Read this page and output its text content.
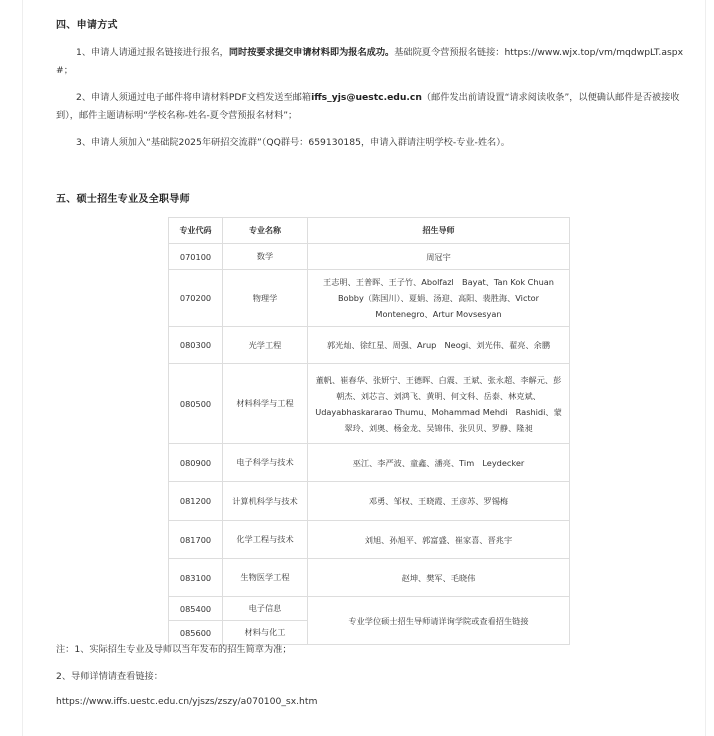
四、申请方式
1、申请人请通过报名链接进行报名，同时按要求提交申请材料即为报名成功。基础院夏令营预报名链接：https://www.wjx.top/vm/mqdwpLT.aspx#；
2、申请人须通过电子邮件将申请材料PDF文档发送至邮箱iffs_yjs@uestc.edu.cn（邮件发出前请设置“请求阅读收条”，以便确认邮件是否被接收到），邮件主题请标明“学校名称-姓名-夏令营预报名材料”；
3、申请人须加入“基础院2025年研招交流群”（QQ群号：659130185，申请入群请注明学校-专业-姓名）。
五、硕士招生专业及全职导师
专业代码	专业名称	招生导师
070100	数学	周冠宇
070200	物理学	王志明、王普晖、王子竹、Abolfazl　Bayat、Tan Kok Chuan Bobby（陈国川）、夏娟、汤迎、高阳、裴胜海、Victor Montenegro、Artur Movsesyan
080300	光学工程	郭光灿、徐红星、周强、Arup　Neogi、刘光伟、翟亮、余鹏
080500	材料科学与工程	董帆、崔春华、张妍宁、王德晖、白震、王斌、张永超、李解元、彭朝杰、刘芯言、刘鸿飞、黄明、何文科、岳泰、林克斌、Udayabhaskararao Thumu、Mohammad Mehdi　Rashidi、蒙翠玲、刘奥、杨金龙、吴锦伟、张贝贝、罗静、隆昶
080900	电子科学与技术	巫江、李严波、童鑫、潘亮、Tim　Leydecker
081200	计算机科学与技术	邓勇、邹权、王晓霞、王彦苏、罗锡梅
081700	化学工程与技术	刘旭、孙旭平、郭富盛、崔家喜、晋兆宇
083100	生物医学工程	赵坤、樊军、毛晓伟
085400	电子信息	专业学位硕士招生导师请详询学院或查看招生链接
085600	材料与化工	
注：1、实际招生专业及导师以当年发布的招生简章为准；
2、导师详情请查看链接：
https://www.iffs.uestc.edu.cn/yjszs/zszy/a070100_sx.htm
